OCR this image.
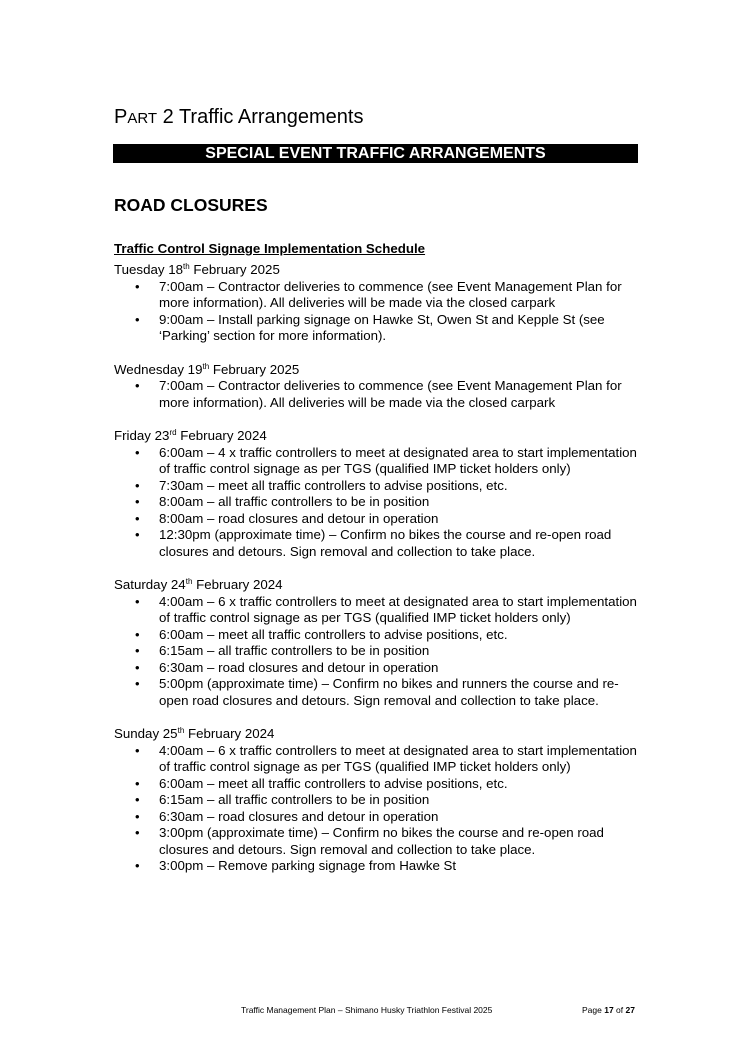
PART 2 Traffic Arrangements
SPECIAL EVENT TRAFFIC ARRANGEMENTS
ROAD CLOSURES
Traffic Control Signage Implementation Schedule

Tuesday 18th February 2025

• 7:00am – Contractor deliveries to commence (see Event Management Plan for more information). All deliveries will be made via the closed carpark
• 9:00am – Install parking signage on Hawke St, Owen St and Kepple St (see ‘Parking’ section for more information).

Wednesday 19th February 2025

• 7:00am – Contractor deliveries to commence (see Event Management Plan for more information). All deliveries will be made via the closed carpark

Friday 23rd February 2024

• 6:00am – 4 x traffic controllers to meet at designated area to start implementation of traffic control signage as per TGS (qualified IMP ticket holders only)
• 7:30am – meet all traffic controllers to advise positions, etc.
• 8:00am – all traffic controllers to be in position
• 8:00am – road closures and detour in operation
• 12:30pm (approximate time) – Confirm no bikes the course and re-open road closures and detours. Sign removal and collection to take place.

Saturday 24th February 2024

• 4:00am – 6 x traffic controllers to meet at designated area to start implementation of traffic control signage as per TGS (qualified IMP ticket holders only)
• 6:00am – meet all traffic controllers to advise positions, etc.
• 6:15am – all traffic controllers to be in position
• 6:30am – road closures and detour in operation
• 5:00pm (approximate time) – Confirm no bikes and runners the course and re-open road closures and detours. Sign removal and collection to take place.

Sunday 25th February 2024

• 4:00am – 6 x traffic controllers to meet at designated area to start implementation of traffic control signage as per TGS (qualified IMP ticket holders only)
• 6:00am – meet all traffic controllers to advise positions, etc.
• 6:15am – all traffic controllers to be in position
• 6:30am – road closures and detour in operation
• 3:00pm (approximate time) – Confirm no bikes the course and re-open road closures and detours. Sign removal and collection to take place.
• 3:00pm – Remove parking signage from Hawke St
Traffic Management Plan – Shimano Husky Triathlon Festival 2025	Page 17 of 27
